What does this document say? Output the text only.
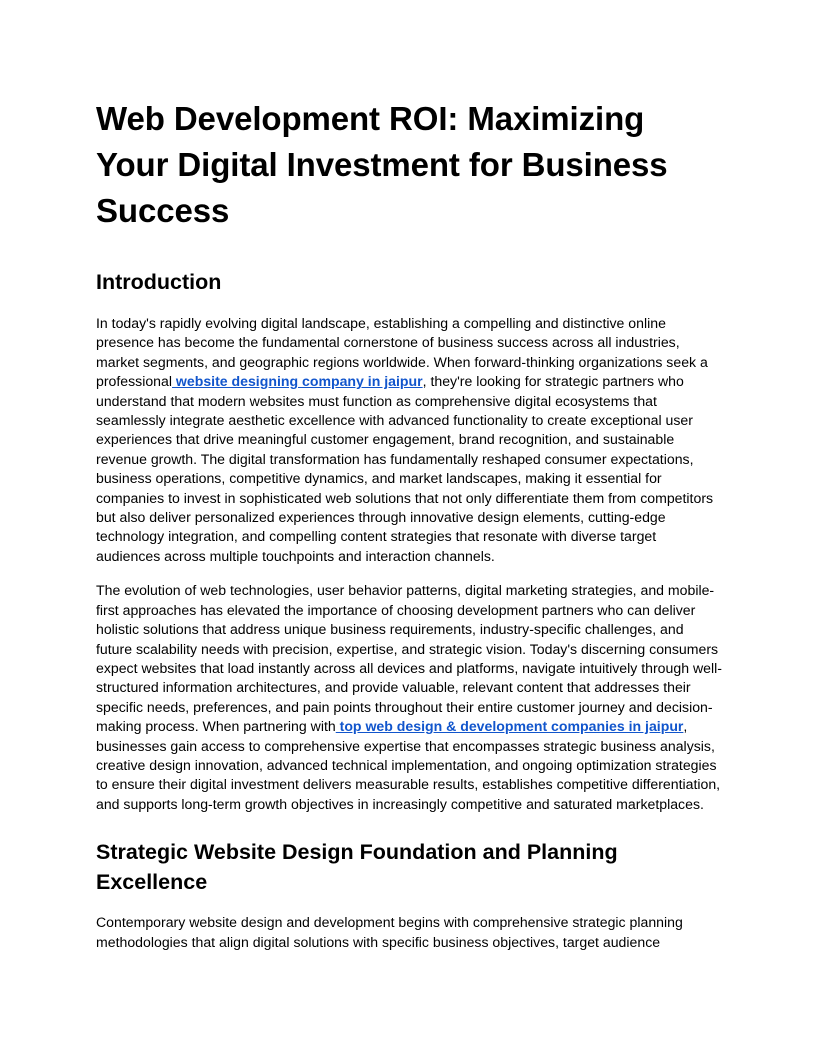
Web Development ROI: Maximizing Your Digital Investment for Business Success
Introduction

In today's rapidly evolving digital landscape, establishing a compelling and distinctive online presence has become the fundamental cornerstone of business success across all industries, market segments, and geographic regions worldwide. When forward-thinking organizations seek a professional website designing company in jaipur, they're looking for strategic partners who understand that modern websites must function as comprehensive digital ecosystems that seamlessly integrate aesthetic excellence with advanced functionality to create exceptional user experiences that drive meaningful customer engagement, brand recognition, and sustainable revenue growth. The digital transformation has fundamentally reshaped consumer expectations, business operations, competitive dynamics, and market landscapes, making it essential for companies to invest in sophisticated web solutions that not only differentiate them from competitors but also deliver personalized experiences through innovative design elements, cutting-edge technology integration, and compelling content strategies that resonate with diverse target audiences across multiple touchpoints and interaction channels.

The evolution of web technologies, user behavior patterns, digital marketing strategies, and mobile-first approaches has elevated the importance of choosing development partners who can deliver holistic solutions that address unique business requirements, industry-specific challenges, and future scalability needs with precision, expertise, and strategic vision. Today's discerning consumers expect websites that load instantly across all devices and platforms, navigate intuitively through well-structured information architectures, and provide valuable, relevant content that addresses their specific needs, preferences, and pain points throughout their entire customer journey and decision-making process. When partnering with top web design & development companies in jaipur, businesses gain access to comprehensive expertise that encompasses strategic business analysis, creative design innovation, advanced technical implementation, and ongoing optimization strategies to ensure their digital investment delivers measurable results, establishes competitive differentiation, and supports long-term growth objectives in increasingly competitive and saturated marketplaces.

Strategic Website Design Foundation and Planning Excellence

Contemporary website design and development begins with comprehensive strategic planning methodologies that align digital solutions with specific business objectives, target audience
